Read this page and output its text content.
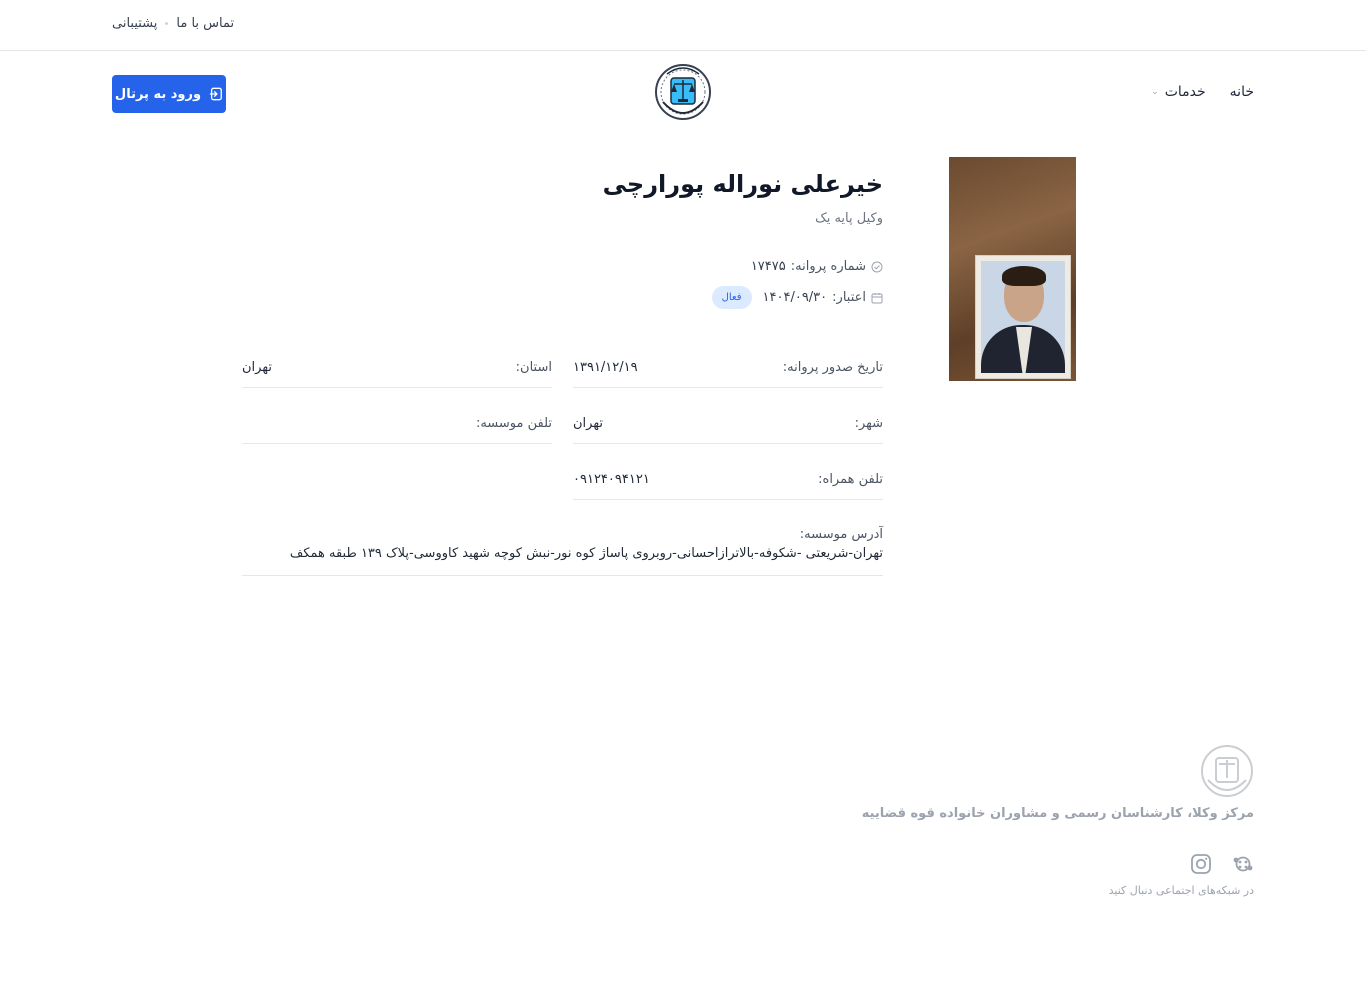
تماس با ما
پشتیبانی
خانه
خدمات
⌄
ورود به پرتال
خیرعلی نوراله پورارچی
وکیل پایه یک
شماره پروانه:
۱۷۴۷۵
اعتبار:
۱۴۰۴/۰۹/۳۰
فعال
تاریخ صدور پروانه:
۱۳۹۱/۱۲/۱۹
استان:
تهران
شهر:
تهران
تلفن موسسه:
تلفن همراه:
۰۹۱۲۴۰۹۴۱۲۱
آدرس موسسه:
تهران-شریعتی -شکوفه-بالاترازاحسانی-روبروی پاساژ کوه نور-نبش کوچه شهید کاووسی-پلاک ۱۳۹ طبقه همکف
مرکز وکلا، کارشناسان رسمی و مشاوران خانواده قوه قضاییه
در شبکه‌های اجتماعی دنبال کنید
